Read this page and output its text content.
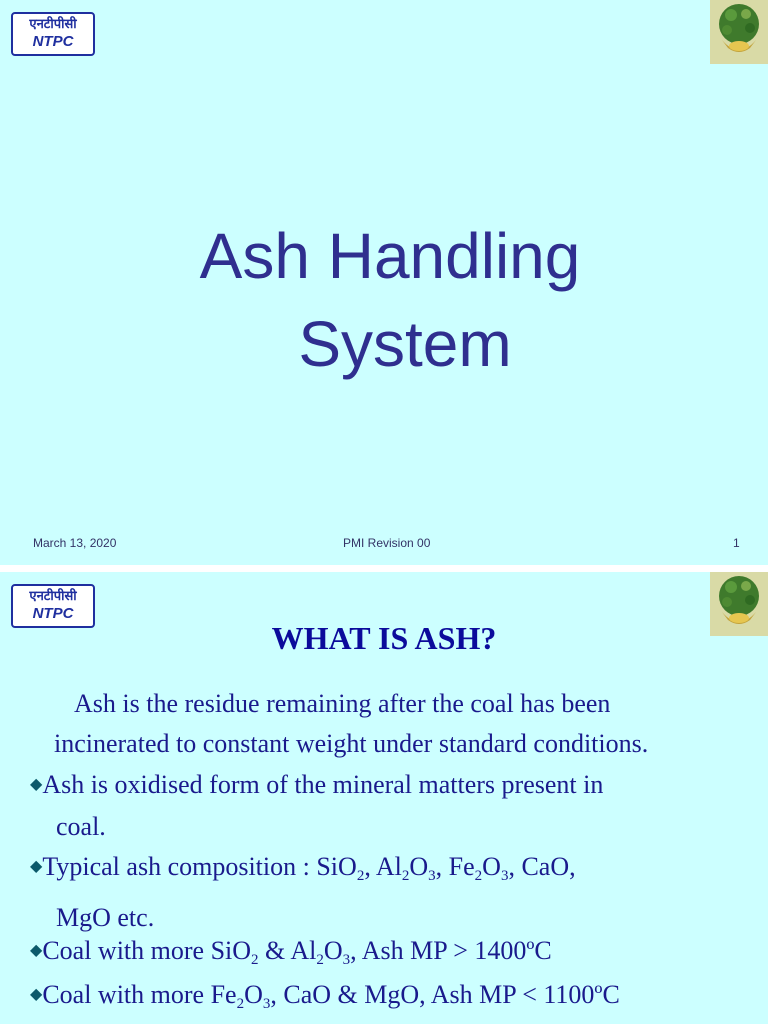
एनटीपीसी
NTPC
Ash Handling
System
March 13, 2020	PMI Revision 00	1
एनटीपीसी
NTPC
WHAT IS ASH?
Ash is the residue remaining after the coal has been
incinerated to constant weight under standard conditions.
◆Ash is oxidised form of the mineral matters present in
coal.
◆Typical ash composition : SiO$_2$, $Al_2O_3$, $Fe_2O_3$, CaO,
MgO etc.
◆Coal with more SiO$_2$ & $Al_2O_3$, Ash MP > 1400ºC
◆Coal with more $Fe_2O_3$, CaO & MgO, Ash MP < 1100ºC
